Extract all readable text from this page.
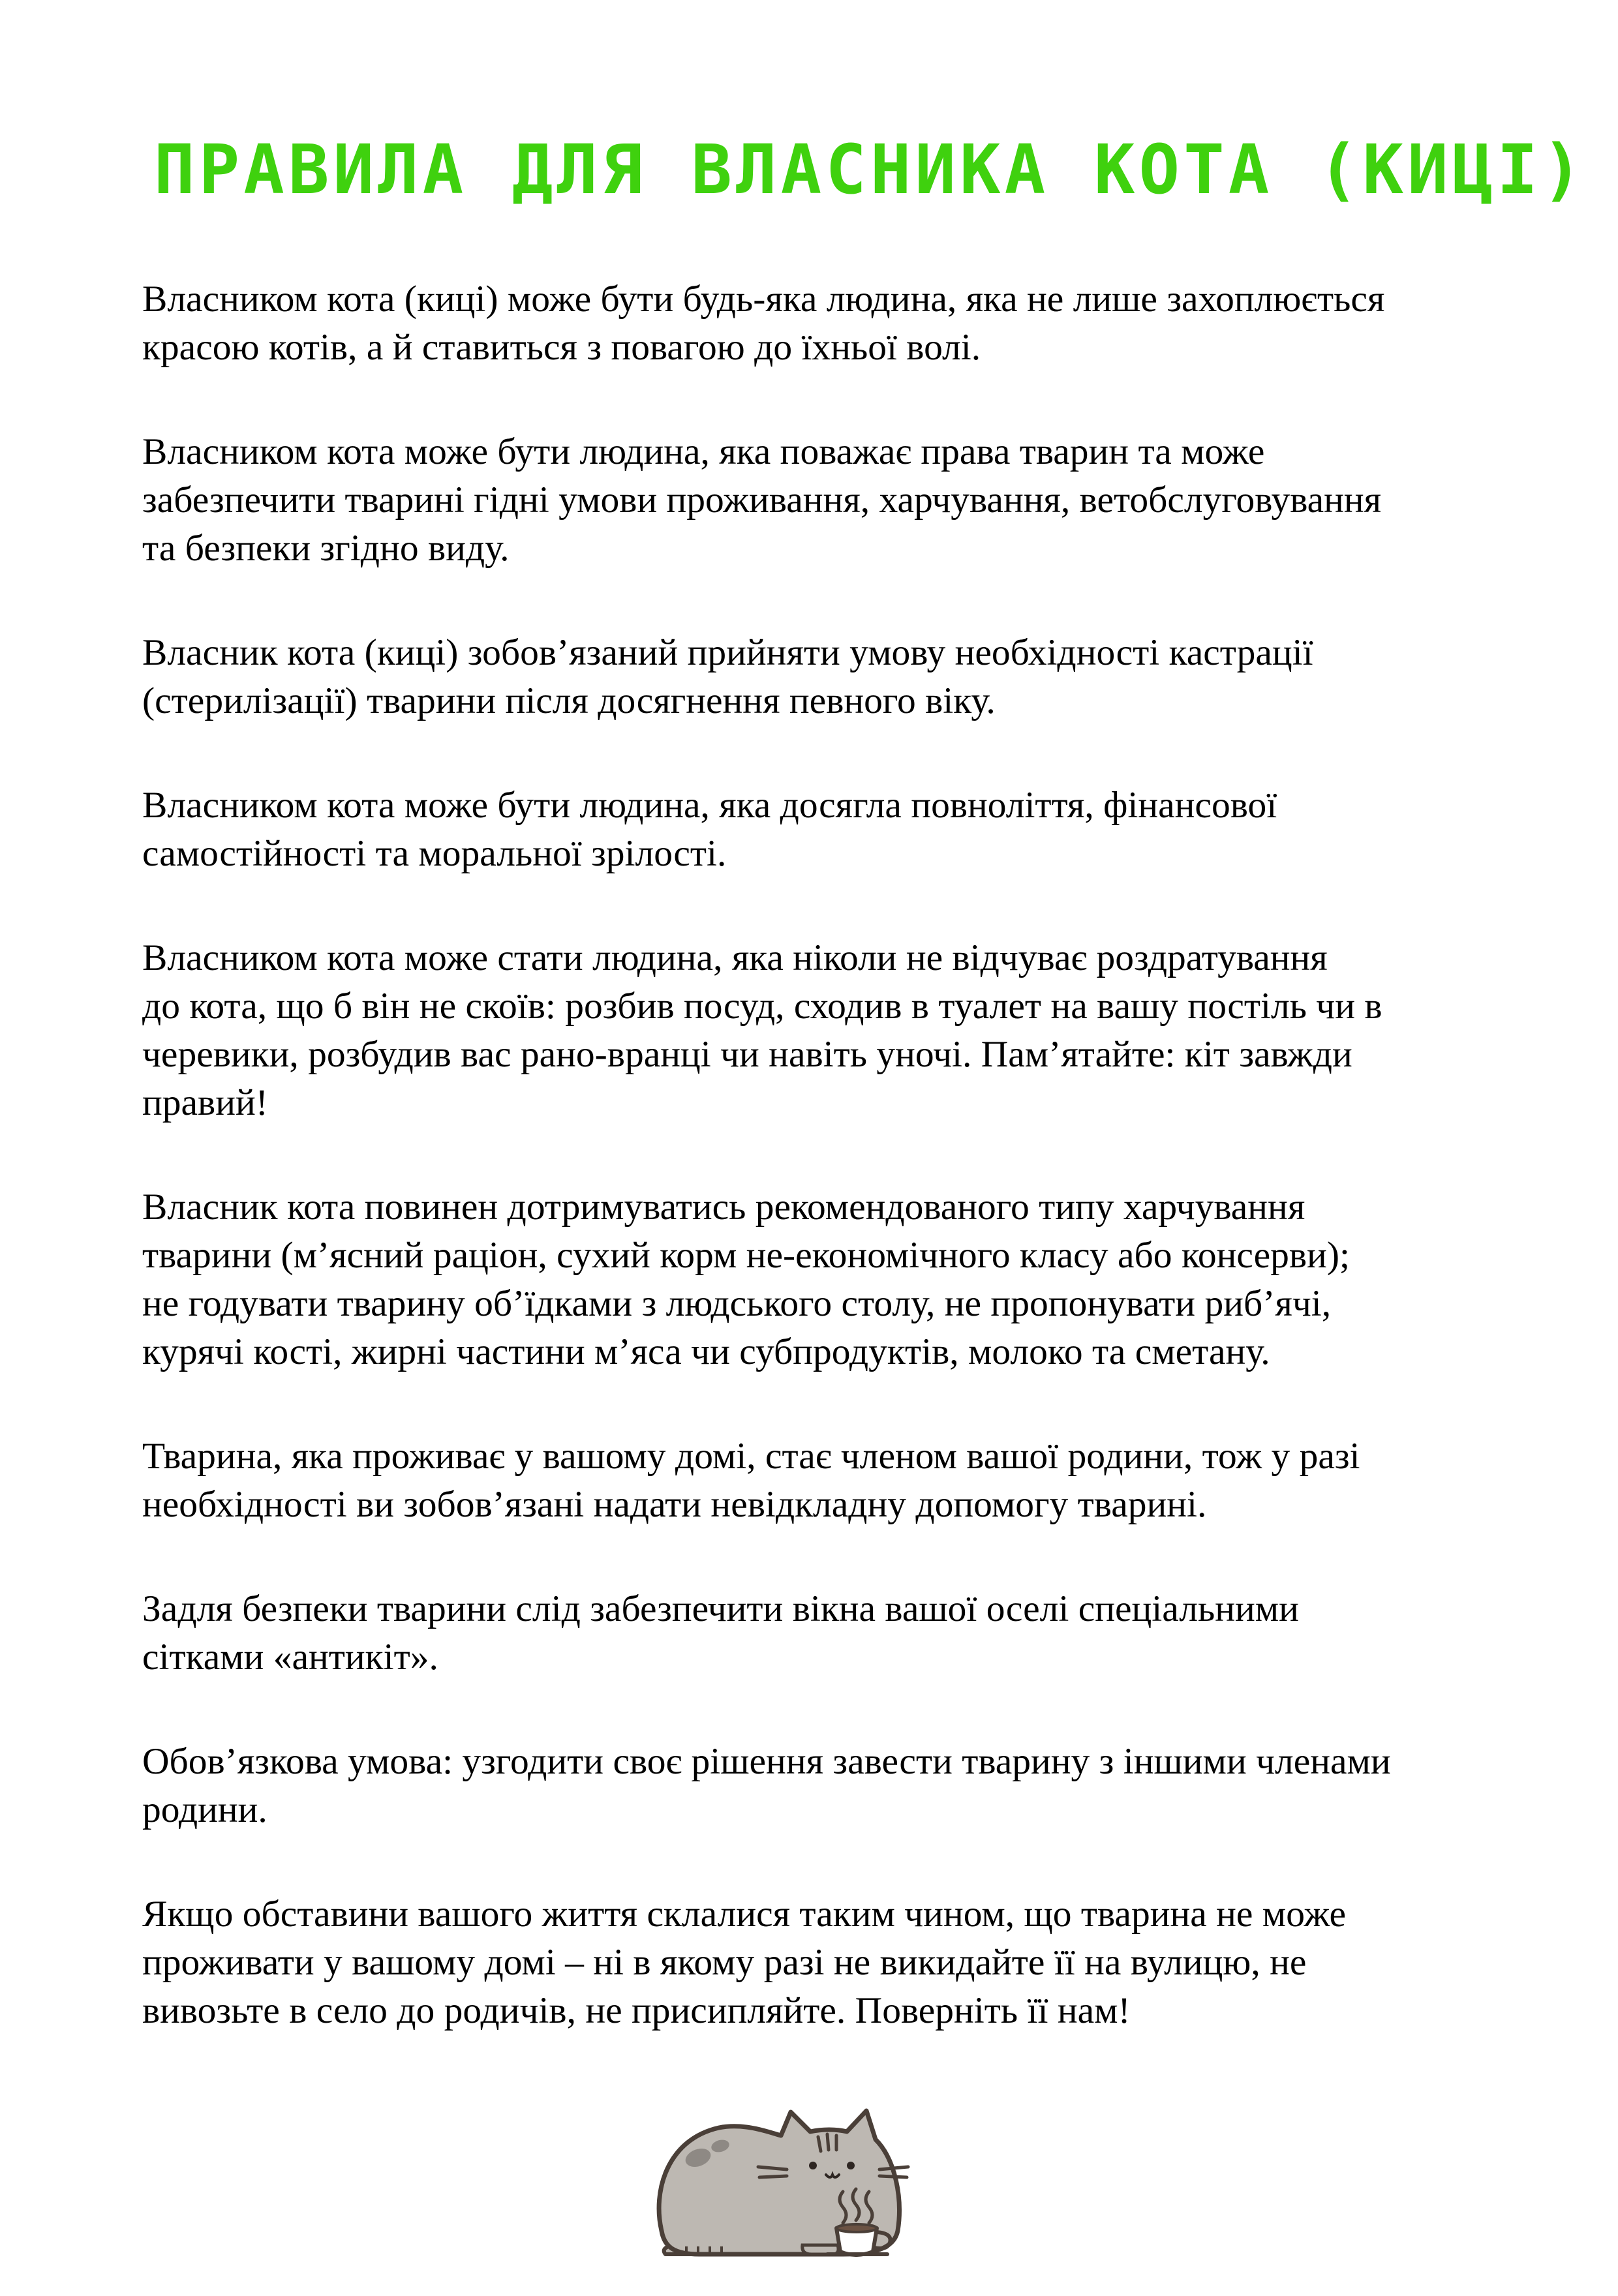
ПРАВИЛА ДЛЯ ВЛАСНИКА КОТА (КИЦІ)

Власником кота (киці) може бути будь-яка людина, яка не лише захоплюється
красою котів, а й ставиться з повагою до їхньої волі.

Власником кота може бути людина, яка поважає права тварин та може
забезпечити тварині гідні умови проживання, харчування, ветобслуговування
та безпеки згідно виду.

Власник кота (киці) зобов’язаний прийняти умову необхідності кастрації
(стерилізації) тварини після досягнення певного віку.

Власником кота може бути людина, яка досягла повноліття, фінансової
самостійності та моральної зрілості.

Власником кота може стати людина, яка ніколи не відчуває роздратування
до кота, що б він не скоїв: розбив посуд, сходив в туалет на вашу постіль чи в
черевики, розбудив вас рано-вранці чи навіть уночі. Пам’ятайте: кіт завжди
правий!

Власник кота повинен дотримуватись рекомендованого типу харчування
тварини (м’ясний раціон, сухий корм не-економічного класу або консерви);
не годувати тварину об’їдками з людського столу, не пропонувати риб’ячі,
курячі кості, жирні частини м’яса чи субпродуктів, молоко та сметану.

Тварина, яка проживає у вашому домі, стає членом вашої родини, тож у разі
необхідності ви зобов’язані надати невідкладну допомогу тварині.

Задля безпеки тварини слід забезпечити вікна вашої оселі спеціальними
сітками «антикіт».

Обов’язкова умова: узгодити своє рішення завести тварину з іншими членами
родини.

Якщо обставини вашого життя склалися таким чином, що тварина не може
проживати у вашому домі – ні в якому разі не викидайте її на вулицю, не
вивозьте в село до родичів, не присипляйте. Поверніть її нам!
